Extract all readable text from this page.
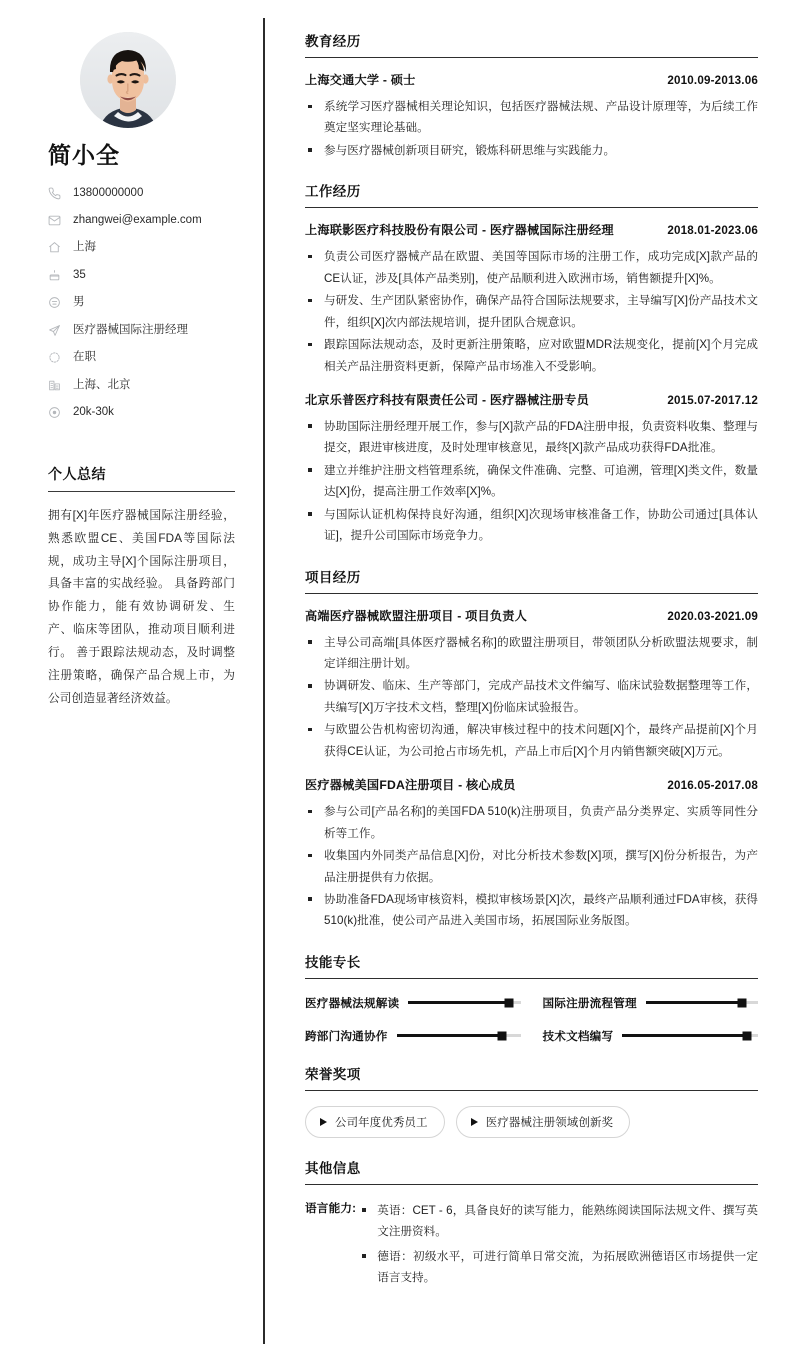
简小全
13800000000
zhangwei@example.com
上海
35
男
医疗器械国际注册经理
在职
上海、北京
20k-30k
个人总结

拥有[X]年医疗器械国际注册经验，熟悉欧盟CE、美国FDA等国际法规，成功主导[X]个国际注册项目，具备丰富的实战经验。 具备跨部门协作能力，能有效协调研发、生产、临床等团队，推动项目顺利进行。 善于跟踪法规动态，及时调整注册策略，确保产品合规上市，为公司创造显著经济效益。

教育经历
上海交通大学 - 硕士	2010.09-2013.06
系统学习医疗器械相关理论知识，包括医疗器械法规、产品设计原理等，为后续工作奠定坚实理论基础。
参与医疗器械创新项目研究，锻炼科研思维与实践能力。
工作经历
上海联影医疗科技股份有限公司 - 医疗器械国际注册经理	2018.01-2023.06
负责公司医疗器械产品在欧盟、美国等国际市场的注册工作，成功完成[X]款产品的CE认证，涉及[具体产品类别]，使产品顺利进入欧洲市场，销售额提升[X]%。
与研发、生产团队紧密协作，确保产品符合国际法规要求，主导编写[X]份产品技术文件，组织[X]次内部法规培训，提升团队合规意识。
跟踪国际法规动态，及时更新注册策略，应对欧盟MDR法规变化，提前[X]个月完成相关产品注册资料更新，保障产品市场准入不受影响。
北京乐普医疗科技有限责任公司 - 医疗器械注册专员	2015.07-2017.12
协助国际注册经理开展工作，参与[X]款产品的FDA注册申报，负责资料收集、整理与提交，跟进审核进度，及时处理审核意见，最终[X]款产品成功获得FDA批准。
建立并维护注册文档管理系统，确保文件准确、完整、可追溯，管理[X]类文件，数量达[X]份，提高注册工作效率[X]%。
与国际认证机构保持良好沟通，组织[X]次现场审核准备工作，协助公司通过[具体认证]，提升公司国际市场竞争力。
项目经历
高端医疗器械欧盟注册项目 - 项目负责人	2020.03-2021.09
主导公司高端[具体医疗器械名称]的欧盟注册项目，带领团队分析欧盟法规要求，制定详细注册计划。
协调研发、临床、生产等部门，完成产品技术文件编写、临床试验数据整理等工作，共编写[X]万字技术文档，整理[X]份临床试验报告。
与欧盟公告机构密切沟通，解决审核过程中的技术问题[X]个，最终产品提前[X]个月获得CE认证，为公司抢占市场先机，产品上市后[X]个月内销售额突破[X]万元。
医疗器械美国FDA注册项目 - 核心成员	2016.05-2017.08
参与公司[产品名称]的美国FDA 510(k)注册项目，负责产品分类界定、实质等同性分析等工作。
收集国内外同类产品信息[X]份，对比分析技术参数[X]项，撰写[X]份分析报告，为产品注册提供有力依据。
协助准备FDA现场审核资料，模拟审核场景[X]次，最终产品顺利通过FDA审核，获得510(k)批准，使公司产品进入美国市场，拓展国际业务版图。
技能专长
医疗器械法规解读	国际注册流程管理
跨部门沟通协作	技术文档编写
荣誉奖项
公司年度优秀员工	医疗器械注册领域创新奖
其他信息
语言能力:	英语：CET - 6，具备良好的读写能力，能熟练阅读国际法规文件、撰写英文注册资料。
德语：初级水平，可进行简单日常交流，为拓展欧洲德语区市场提供一定语言支持。
